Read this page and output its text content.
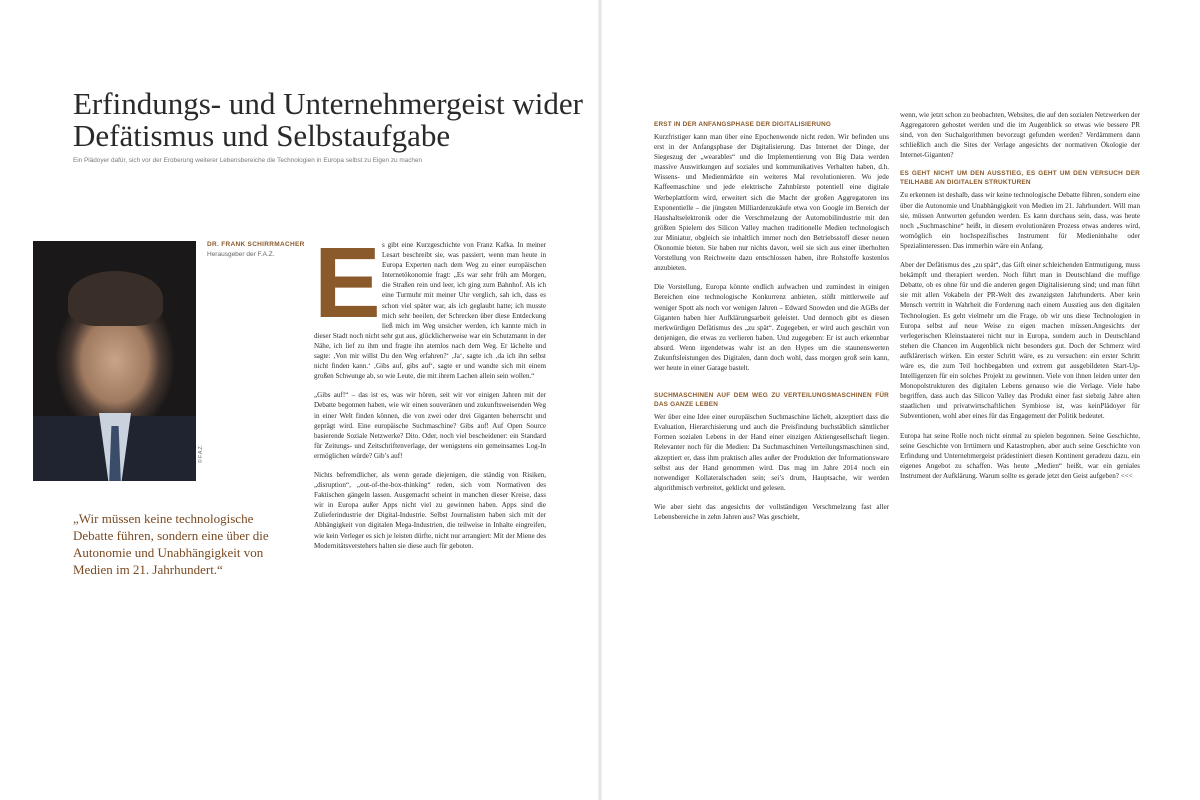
Erfindungs- und Unternehmergeist wider Defätismus und Selbstaufgabe
Ein Plädoyer dafür, sich vor der Eroberung weiterer Lebensbereiche die Technologien in Europa selbst zu Eigen zu machen
© F.A.Z.
DR. FRANK SCHIRRMACHER
Herausgeber der F.A.Z.

„Wir müssen keine technologische Debatte führen, sondern eine über die Autonomie und Unabhängigkeit von Medien im 21. Jahrhundert.“

E s gibt eine Kurzgeschichte von Franz Kafka. In meiner Lesart beschreibt sie, was passiert, wenn man heute in Europa Experten nach dem Weg zu einer europäischen Internetökonomie fragt: „Es war sehr früh am Morgen, die Straßen rein und leer, ich ging zum Bahnhof. Als ich eine Turmuhr mit meiner Uhr verglich, sah ich, dass es schon viel später war, als ich geglaubt hatte; ich musste mich sehr beeilen, der Schrecken über diese Entdeckung ließ mich im Weg unsicher werden, ich kannte mich in dieser Stadt noch nicht sehr gut aus, glücklicherweise war ein Schutzmann in der Nähe, ich lief zu ihm und fragte ihn atemlos nach dem Weg. Er lächelte und sagte: ‚Von mir willst Du den Weg erfahren?‘ ‚Ja‘, sagte ich ‚da ich ihn selbst nicht finden kann.‘ ‚Gibs auf, gibs auf‘, sagte er und wandte sich mit einem großen Schwunge ab, so wie Leute, die mit ihrem Lachen allein sein wollen.“

„Gibs auf!“ – das ist es, was wir hören, seit wir vor einigen Jahren mit der Debatte begonnen haben, wie wir einen souveränen und zukunftsweisenden Weg in einer Welt finden können, die von zwei oder drei Giganten beherrscht und geprägt wird. Eine europäische Suchmaschine? Gibs auf! Auf Open Source basierende Soziale Netzwerke? Dito. Oder, noch viel bescheidener: ein Standard für Zeitungs- und Zeitschriftenverlage, der wenigstens ein gemeinsames Log-In ermöglichen würde? Gib’s auf!

Nichts befremdlicher, als wenn gerade diejenigen, die ständig von Risiken, „disruption“, „out-of-the-box-thinking“ reden, sich vom Normativen des Faktischen gängeln lassen. Ausgemacht scheint in manchen dieser Kreise, dass wir in Europa außer Apps nicht viel zu gewinnen haben. Apps sind die Zulieferindustrie der Digital-Industrie. Selbst Journalisten haben sich mit der Abhängigkeit von digitalen Mega-Industrien, die teilweise in Inhalte eingreifen, wie kein Verleger es sich je leisten dürfte, nicht nur arrangiert: Mit der Miene des Modernitätsverstehers halten sie diese auch für geboten.

ERST IN DER ANFANGSPHASE DER DIGITALISIERUNG

Kurzfristiger kann man über eine Epochenwende nicht reden. Wir befinden uns erst in der Anfangsphase der Digitalisierung. Das Internet der Dinge, der Siegeszug der „wearables“ und die Implementierung von Big Data werden massive Auswirkungen auf soziales und kommunikatives Verhalten haben, d.h. Wissens- und Medienmärkte ein weiteres Mal revolutionieren. Wo jede Kaffeemaschine und jede elektrische Zahnbürste potentiell eine digitale Werbeplattform wird, erweitert sich die Macht der großen Aggregatoren ins Exponentielle – die jüngsten Milliardenzukäufe etwa von Google im Bereich der Haushaltselektronik oder die Verschmelzung der Automobilindustrie mit den größten Spielern des Silicon Valley machen traditionelle Medien technologisch zur Miniatur, obgleich sie inhaltlich immer noch den Betriebsstoff dieser neuen Ökonomie bieten. Sie haben nur nichts davon, weil sie sich aus einer überholten Vorstellung von Reichweite dazu entschlossen haben, ihre Rohstoffe kostenlos anzubieten.

Die Vorstellung, Europa könnte endlich aufwachen und zumindest in einigen Bereichen eine technologische Konkurrenz anbieten, stößt mittlerweile auf weniger Spott als noch vor wenigen Jahren – Edward Snowden und die AGBs der Giganten haben hier Aufklärungsarbeit geleistet. Und dennoch gibt es diesen merkwürdigen Defätismus des „zu spät“. Zugegeben, er wird auch geschürt von denjenigen, die etwas zu verlieren haben. Und zugegeben: Er ist auch erkennbar absurd. Wenn irgendetwas wahr ist an den Hypes um die staunenswerten Zukunftsleistungen des Digitalen, dann doch wohl, dass morgen groß sein kann, wer heute in einer Garage bastelt.

SUCHMASCHINEN AUF DEM WEG ZU VERTEILUNGSMASCHINEN FÜR DAS GANZE LEBEN

Wer über eine Idee einer europäischen Suchmaschine lächelt, akzeptiert dass die Evaluation, Hierarchisierung und auch die Preisfindung buchstäblich sämtlicher Formen sozialen Lebens in der Hand einer einzigen Aktiengesellschaft liegen. Relevanter noch für die Medien: Da Suchmaschinen Verteilungsmaschinen sind, akzeptiert er, dass ihm praktisch alles außer der Produktion der Informationsware selbst aus der Hand genommen wird. Das mag im Jahre 2014 noch ein notwendiger Kollateralschaden sein; sei’s drum, Hauptsache, wir werden algorithmisch verbreitet, geklickt und gelesen.

Wie aber sieht das angesichts der vollständigen Verschmelzung fast aller Lebensbereiche in zehn Jahren aus? Was geschieht,

wenn, wie jetzt schon zu beobachten, Websites, die auf den sozialen Netzwerken der Aggregatoren gehostet werden und die im Augenblick so etwas wie bessere PR sind, von den Suchalgorithmen bevorzugt gefunden werden? Verdämmern dann schließlich auch die Sites der Verlage angesichts der normativen Ökologie der Internet-Giganten?

ES GEHT NICHT UM DEN AUSSTIEG, ES GEHT UM DEN VERSUCH DER TEILHABE AN DIGITALEN STRUKTUREN

Zu erkennen ist deshalb, dass wir keine technologische Debatte führen, sondern eine über die Autonomie und Unabhängigkeit von Medien im 21. Jahrhundert. Will man sie, müssen Antworten gefunden werden. Es kann durchaus sein, dass, was heute noch „Suchmaschine“ heißt, in diesem evolutionären Prozess etwas anderes wird, womöglich ein hochspezifisches Instrument für Medieninhalte oder Spezialinteressen. Das immerhin wäre ein Anfang.

Aber der Defätismus des „zu spät“, das Gift einer schleichenden Entmutigung, muss bekämpft und therapiert werden. Noch führt man in Deutschland die muffige Debatte, ob es ohne für und die anderen gegen Digitalisierung sind; und man führt sie mit allen Vokabeln der PR-Welt des zwanzigsten Jahrhunderts. Aber kein Mensch vertritt in Wahrheit die Forderung nach einem Ausstieg aus den digitalen Technologien. Es geht vielmehr um die Frage, ob wir uns diese Technologien in Europa selbst auf neue Weise zu eigen machen müssen.Angesichts der verlegerischen Kleinstaaterei nicht nur in Europa, sondern auch in Deutschland stehen die Chancen im Augenblick nicht besonders gut. Doch der Schmerz wird aufklärerisch wirken. Ein erster Schritt wäre, es zu versuchen: ein erster Schritt wäre es, die zum Teil hochbegabten und extrem gut ausgebildeten Start-Up-Intelligenzen für ein solches Projekt zu gewinnen. Viele von ihnen leiden unter den Monopolstrukturen des digitalen Lebens genauso wie die Verlage. Viele habe begriffen, dass auch das Silicon Valley das Produkt einer fast siebzig Jahre alten staatlichen und privatwirtschaftlichen Symbiose ist, was keinPlädoyer für Subventionen, wohl aber eines für das Engagement der Politik bedeutet.

Europa hat seine Rolle noch nicht einmal zu spielen begonnen. Seine Geschichte, seine Geschichte von Irrtümern und Katastrophen, aber auch seine Geschichte von Erfindung und Unternehmergeist prädestiniert diesen Kontinent geradezu dazu, ein eigenes Angebot zu schaffen. Was heute „Medien“ heißt, war ein geniales Instrument der Aufklärung. Warum sollte es gerade jetzt den Geist aufgeben? <<<
